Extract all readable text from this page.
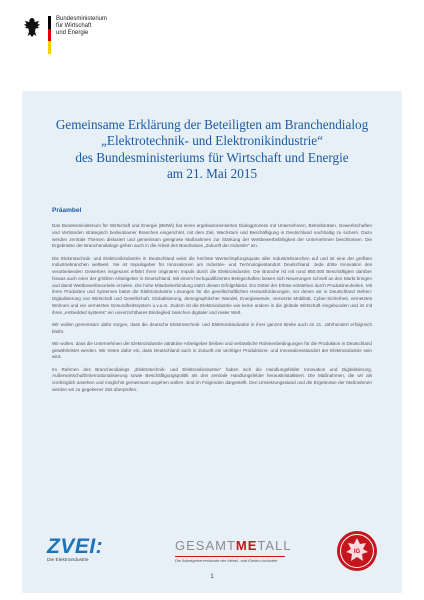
Bundesministerium
für Wirtschaft
und Energie
Gemeinsame Erklärung der Beteiligten am Branchendialog
„Elektrotechnik- und Elektronikindustrie“
des Bundesministeriums für Wirtschaft und Energie
am 21. Mai 2015
Präambel

Das Bundesministerium für Wirtschaft und Energie (BMWi) hat einen ergebnisorientierten Dialogprozess mit Unternehmen, Betriebsräten, Gewerkschaften und Verbänden strategisch bedeutsamer Branchen eingerichtet, mit dem Ziel, Wachstum und Beschäftigung in Deutschland nachhaltig zu sichern. Dazu werden zentrale Themen diskutiert und gemeinsam geeignete Maßnahmen zur Stärkung der Wettbewerbsfähigkeit der Unternehmen beschlossen. Die Ergebnisse der Branchendialoge gehen auch in die Arbeit des Bündnisses „Zukunft der Industrie“ ein.

Die Elektrotechnik- und Elektronikindustrie in Deutschland weist die höchste Wertschöpfungsquote aller Industriebranchen auf und ist eine der größten Industriebranchen weltweit. Sie ist Impulsgeber für Innovationen am Industrie- und Technologiestandort Deutschland. Jede dritte Innovation des verarbeitenden Gewerbes insgesamt erfährt ihren originären Impuls durch die Elektroindustrie. Die Branche ist mit rund 850.000 Beschäftigten darüber hinaus auch einer der größten Arbeitgeber in Deutschland. Mit einem hochqualifizierten Belegschaften lassen sich Neuerungen schnell an den Markt bringen und damit Wettbewerbsvorteile erzielen. Die hohe Mitarbeiterbindung stützt diesen Erfolgsfaktor. Ein Drittel der Erlöse entstehen durch Produktneuheiten. Mit ihren Produkten und Systemen bietet die Elektroindustrie Lösungen für die gesellschaftlichen Herausforderungen, vor denen wir in Deutschland stehen: Digitalisierung von Wirtschaft und Gesellschaft, Globalisierung, demographischer Wandel, Energiewende, vernetzte Mobilität, Cyber-Sicherheit, vernetztes Wohnen und ein vernetztes Gesundheitssystem u.v.a.m. Zudem ist die Elektroindustrie wie keine andere in die globale Wirtschaft eingebunden und ist mit ihren „embedded systems“ ein unverzichtbares Bindeglied zwischen digitaler und realer Welt.

Wir wollen gemeinsam dafür sorgen, dass die deutsche Elektrotechnik- und Elektronikindustrie in ihrer ganzen Breite auch im 21. Jahrhundert erfolgreich bleibt.

Wir wollen, dass die Unternehmen der Elektroindustrie attraktive Arbeitgeber bleiben und verlässliche Rahmenbedingungen für die Produktion in Deutschland gewährleistet werden. Wir treten dafür ein, dass Deutschland auch in Zukunft ein wichtiger Produktions- und Innovationsstandort der Elektroindustrie sein wird.

Im Rahmen des Branchendialogs „Elektrotechnik- und Elektronikindustrie“ haben sich die Handlungsfelder Innovation und Digitalisierung, Außenwirtschaft/Internationalisierung sowie Beschäftigungspolitik als drei zentrale Handlungsfelder herauskristallisiert. Die Maßnahmen, die wir als vordringlich ansehen und möglichst gemeinsam angehen wollen, sind im Folgenden dargestellt. Den Umsetzungsstand und die Ergebnisse der Maßnahmen werden wir zu gegebener Zeit überprüfen.

ZVEI:
Die Elektroindustrie
GESAMTMETALL
Die Arbeitgeberverbände der Metall- und Elektro-Industrie
IG
1
